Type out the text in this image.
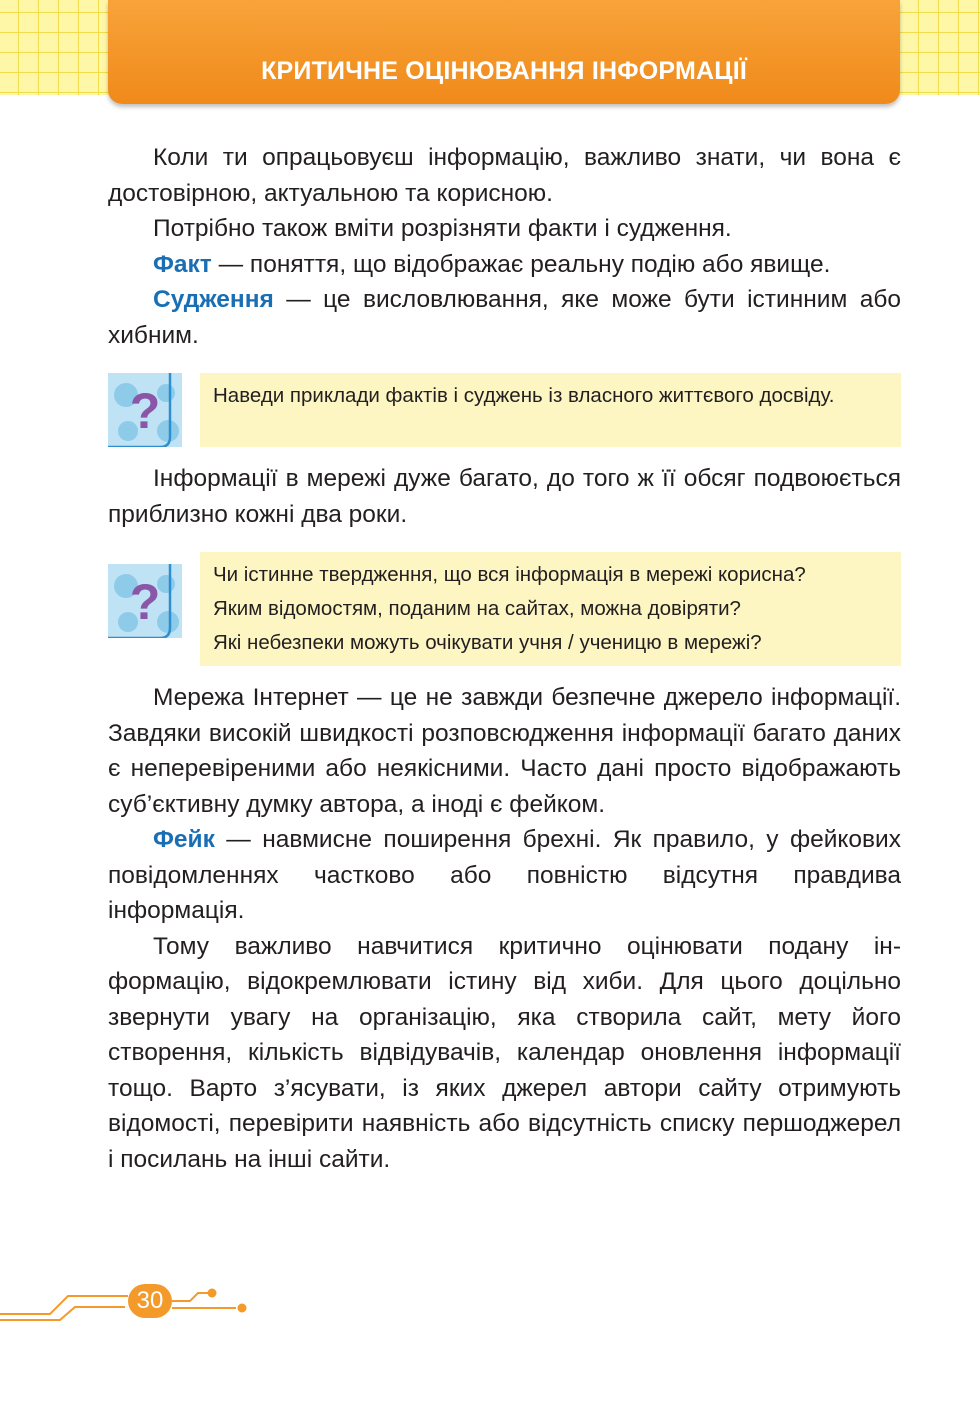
КРИТИЧНЕ ОЦІНЮВАННЯ ІНФОРМАЦІЇ

Коли ти опрацьовуєш інформацію, важливо знати, чи вона є достовірною, актуальною та корисною.

Потрібно також вміти розрізняти факти і судження.

Факт — поняття, що відображає реальну подію або явище.

Судження — це висловлювання, яке може бути істинним або хибним.

?	Наведи приклади фактів і суджень із власного життєвого досвіду.

Інформації в мережі дуже багато, до того ж її обсяг подвоюється приблизно кожні два роки.

?	Чи істинне твердження, що вся інформація в мережі корисна?
Яким відомостям, поданим на сайтах, можна довіряти?
Які небезпеки можуть очікувати учня / ученицю в мережі?

Мережа Інтернет — це не завжди безпечне джерело інформації. Завдяки високій швидкості розповсюдження інформації багато даних є неперевіреними або неякісними. Часто дані просто відображають суб’єктивну думку автора, а іноді є фейком.

Фейк — навмисне поширення брехні. Як правило, у фейкових повідомленнях частково або повністю відсутня правдива інформація.

Тому важливо навчитися критично оцінювати подану інформацію, відокремлювати істину від хиби. Для цього доцільно звернути увагу на організацію, яка створила сайт, мету його створення, кількість відвідувачів, календар оновлення інформації тощо. Варто з’ясувати, із яких джерел автори сайту отримують відомості, перевірити наявність або відсутність списку першоджерел і посилань на інші сайти.

30
